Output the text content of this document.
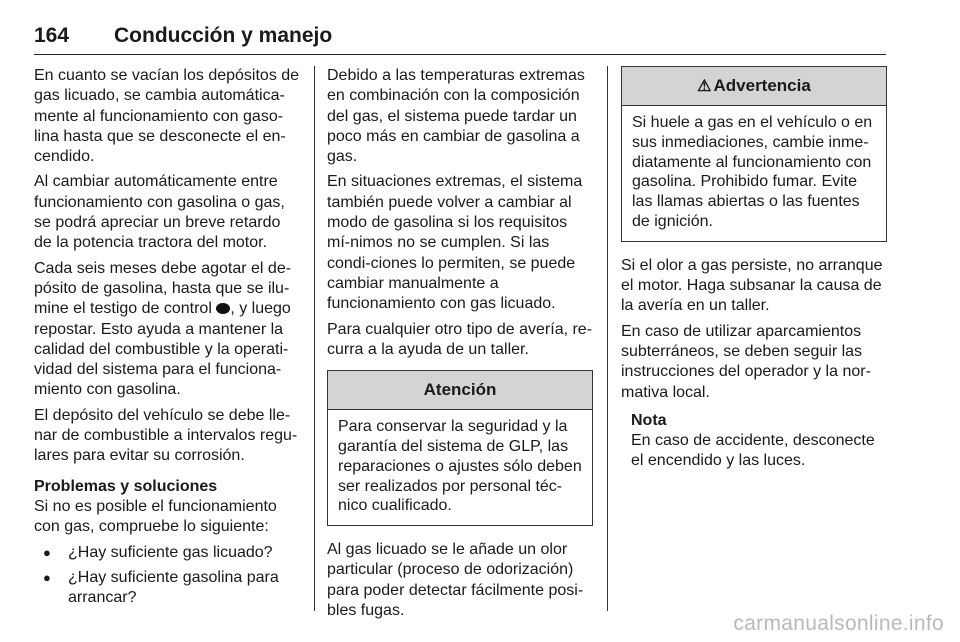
164 Conducción y manejo

En cuanto se vacían los depósitos de gas licuado, se cambia automática-mente al funcionamiento con gaso-lina hasta que se desconecte el en-cendido.

Al cambiar automáticamente entre funcionamiento con gasolina o gas, se podrá apreciar un breve retardo de la potencia tractora del motor.

Cada seis meses debe agotar el de-pósito de gasolina, hasta que se ilu-mine el testigo de control , y luego repostar. Esto ayuda a mantener la calidad del combustible y la operati-vidad del sistema para el funciona-miento con gasolina.

El depósito del vehículo se debe lle-nar de combustible a intervalos regu-lares para evitar su corrosión.

Problemas y soluciones

Si no es posible el funcionamiento con gas, compruebe lo siguiente:

● ¿Hay suficiente gas licuado?
● ¿Hay suficiente gasolina para arrancar?

Debido a las temperaturas extremas en combinación con la composición del gas, el sistema puede tardar un poco más en cambiar de gasolina a gas.

En situaciones extremas, el sistema también puede volver a cambiar al modo de gasolina si los requisitos mí-nimos no se cumplen. Si las condi-ciones lo permiten, se puede cambiar manualmente a funcionamiento con gas licuado.

Para cualquier otro tipo de avería, re-curra a la ayuda de un taller.

Atención
Para conservar la seguridad y la garantía del sistema de GLP, las reparaciones o ajustes sólo deben ser realizados por personal téc-nico cualificado.

Al gas licuado se le añade un olor particular (proceso de odorización) para poder detectar fácilmente posi-bles fugas.

⚠ Advertencia
Si huele a gas en el vehículo o en sus inmediaciones, cambie inme-diatamente al funcionamiento con gasolina. Prohibido fumar. Evite las llamas abiertas o las fuentes de ignición.

Si el olor a gas persiste, no arranque el motor. Haga subsanar la causa de la avería en un taller.

En caso de utilizar aparcamientos subterráneos, se deben seguir las instrucciones del operador y la nor-mativa local.

Nota
En caso de accidente, desconecte el encendido y las luces.
carmanualsonline.info
